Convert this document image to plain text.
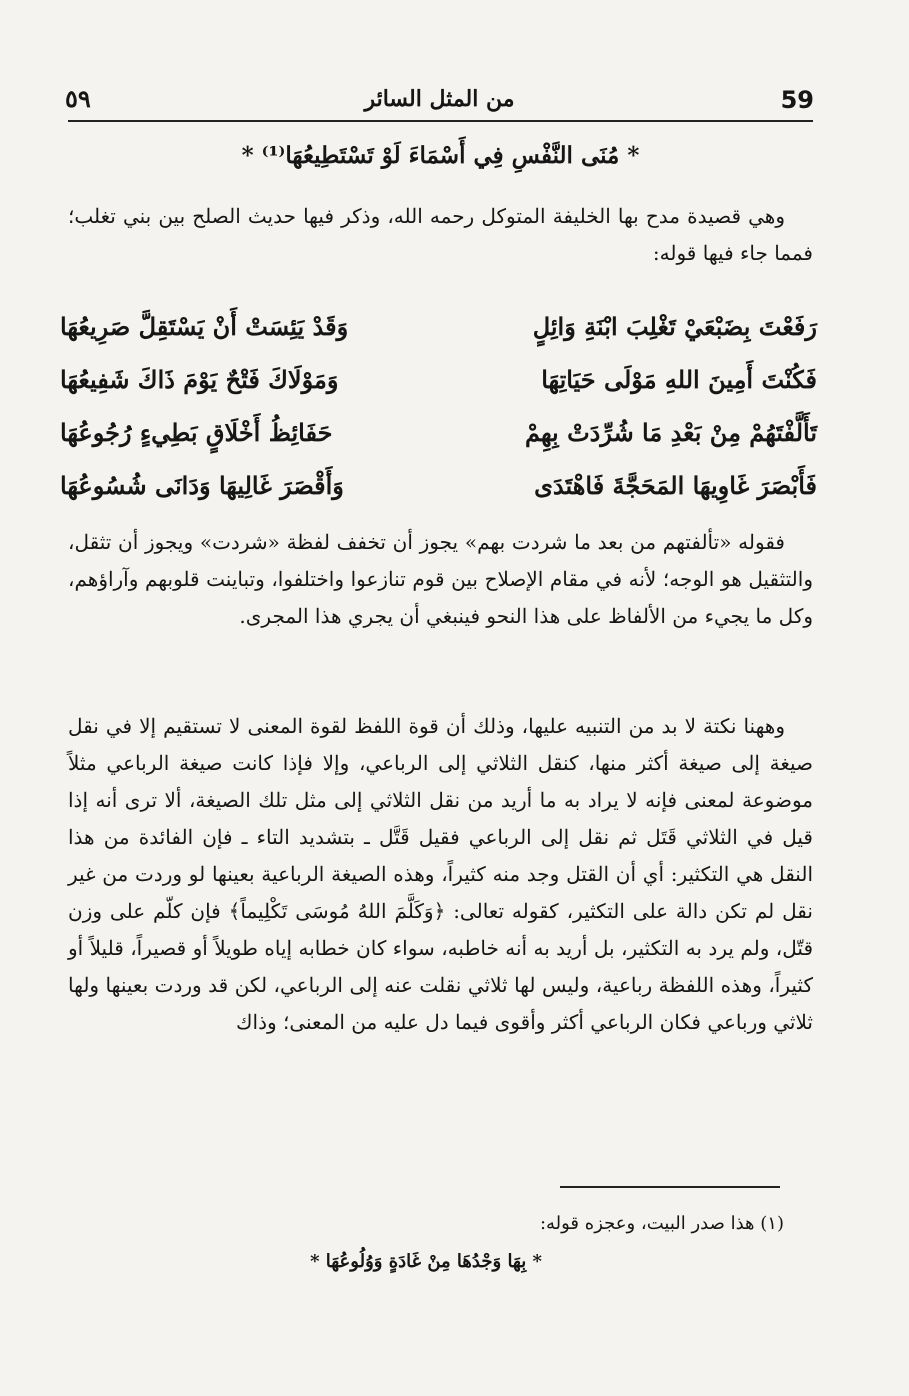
59
من المثل السائر
٥٩
* مُنَى النَّفْسِ فِي أَسْمَاءَ لَوْ تَسْتَطِيعُهَا⁽¹⁾ *

وهي قصيدة مدح بها الخليفة المتوكل رحمه الله، وذكر فيها حديث الصلح بين بني تغلب؛ فمما جاء فيها قوله:

رَفَعْتَ بِضَبْعَيْ تَغْلِبَ ابْنَةِ وَائِلٍ
وَقَدْ يَئِسَتْ أَنْ يَسْتَقِلَّ صَرِيعُهَا
فَكُنْتَ أَمِينَ اللهِ مَوْلَى حَيَاتِهَا
وَمَوْلَاكَ فَتْحٌ يَوْمَ ذَاكَ شَفِيعُهَا
تَأَلَّفْتَهُمْ مِنْ بَعْدِ مَا شُرِّدَتْ بِهِمْ
حَفَائِظُ أَخْلَاقٍ بَطِيءٍ رُجُوعُهَا
فَأَبْصَرَ غَاوِيهَا المَحَجَّةَ فَاهْتَدَى
وَأَقْصَرَ غَالِيهَا وَدَانَى شُسُوعُهَا

فقوله «تألفتهم من بعد ما شردت بهم» يجوز أن تخفف لفظة «شردت» ويجوز أن تثقل، والتثقيل هو الوجه؛ لأنه في مقام الإصلاح بين قوم تنازعوا واختلفوا، وتباينت قلوبهم وآراؤهم، وكل ما يجيء من الألفاظ على هذا النحو فينبغي أن يجري هذا المجرى.

وههنا نكتة لا بد من التنبيه عليها، وذلك أن قوة اللفظ لقوة المعنى لا تستقيم إلا في نقل صيغة إلى صيغة أكثر منها، كنقل الثلاثي إلى الرباعي، وإلا فإذا كانت صيغة الرباعي مثلاً موضوعة لمعنى فإنه لا يراد به ما أريد من نقل الثلاثي إلى مثل تلك الصيغة، ألا ترى أنه إذا قيل في الثلاثي قَتَل ثم نقل إلى الرباعي فقيل قَتَّل ـ بتشديد التاء ـ فإن الفائدة من هذا النقل هي التكثير: أي أن القتل وجد منه كثيراً، وهذه الصيغة الرباعية بعينها لو وردت من غير نقل لم تكن دالة على التكثير، كقوله تعالى: ﴿وَكَلَّمَ اللهُ مُوسَى تَكْلِيماً﴾ فإن كلّم على وزن قتّل، ولم يرد به التكثير، بل أريد به أنه خاطبه، سواء كان خطابه إياه طويلاً أو قصيراً، قليلاً أو كثيراً، وهذه اللفظة رباعية، وليس لها ثلاثي نقلت عنه إلى الرباعي، لكن قد وردت بعينها ولها ثلاثي ورباعي فكان الرباعي أكثر وأقوى فيما دل عليه من المعنى؛ وذاك

(١) هذا صدر البيت، وعجزه قوله:
* بِهَا وَجْدُهَا مِنْ غَادَةٍ وَوُلُوعُهَا *
